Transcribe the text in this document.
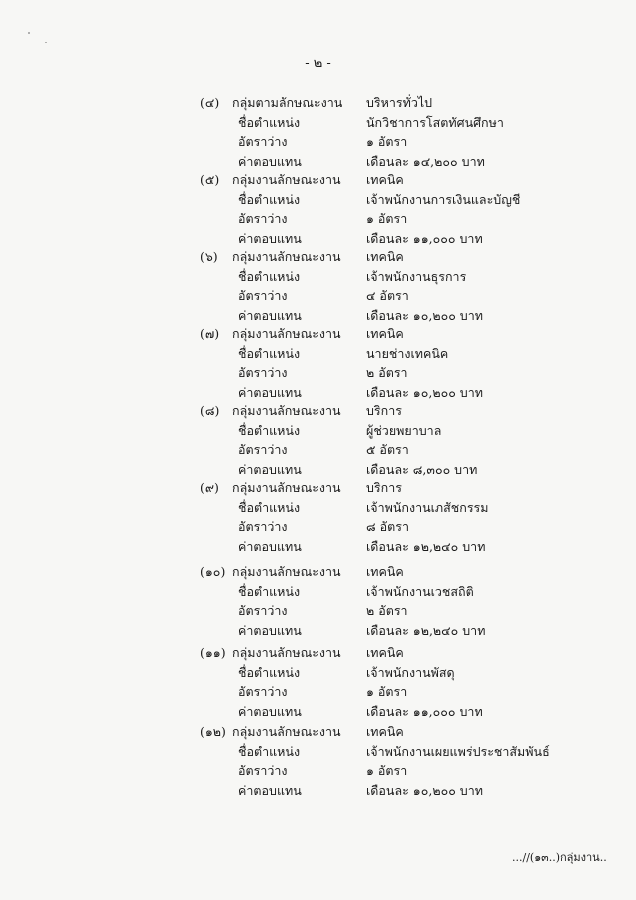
- ๒ -
(๔) กลุ่มตามลักษณะงาน บริหารทั่วไป
ชื่อตำแหน่ง	นักวิชาการโสตทัศนศึกษา
อัตราว่าง	๑ อัตรา
ค่าตอบแทน	เดือนละ ๑๔,๒๐๐ บาท
(๕) กลุ่มงานลักษณะงาน เทคนิค
ชื่อตำแหน่ง	เจ้าพนักงานการเงินและบัญชี
อัตราว่าง	๑ อัตรา
ค่าตอบแทน	เดือนละ ๑๑,๐๐๐ บาท
(๖) กลุ่มงานลักษณะงาน เทคนิค
ชื่อตำแหน่ง	เจ้าพนักงานธุรการ
อัตราว่าง	๔ อัตรา
ค่าตอบแทน	เดือนละ ๑๐,๒๐๐ บาท
(๗) กลุ่มงานลักษณะงาน เทคนิค
ชื่อตำแหน่ง	นายช่างเทคนิค
อัตราว่าง	๒ อัตรา
ค่าตอบแทน	เดือนละ ๑๐,๒๐๐ บาท
(๘) กลุ่มงานลักษณะงาน บริการ
ชื่อตำแหน่ง	ผู้ช่วยพยาบาล
อัตราว่าง	๕ อัตรา
ค่าตอบแทน	เดือนละ ๘,๓๐๐ บาท
(๙) กลุ่มงานลักษณะงาน บริการ
ชื่อตำแหน่ง	เจ้าพนักงานเภสัชกรรม
อัตราว่าง	๘ อัตรา
ค่าตอบแทน	เดือนละ ๑๒,๒๔๐ บาท
(๑๐) กลุ่มงานลักษณะงาน เทคนิค
ชื่อตำแหน่ง	เจ้าพนักงานเวชสถิติ
อัตราว่าง	๒ อัตรา
ค่าตอบแทน	เดือนละ ๑๒,๒๔๐ บาท
(๑๑) กลุ่มงานลักษณะงาน เทคนิค
ชื่อตำแหน่ง	เจ้าพนักงานพัสดุ
อัตราว่าง	๑ อัตรา
ค่าตอบแทน	เดือนละ ๑๑,๐๐๐ บาท
(๑๒) กลุ่มงานลักษณะงาน เทคนิค
ชื่อตำแหน่ง	เจ้าพนักงานเผยแพร่ประชาสัมพันธ์
อัตราว่าง	๑ อัตรา
ค่าตอบแทน	เดือนละ ๑๐,๒๐๐ บาท
...//(๑๓..)กลุ่มงาน..
